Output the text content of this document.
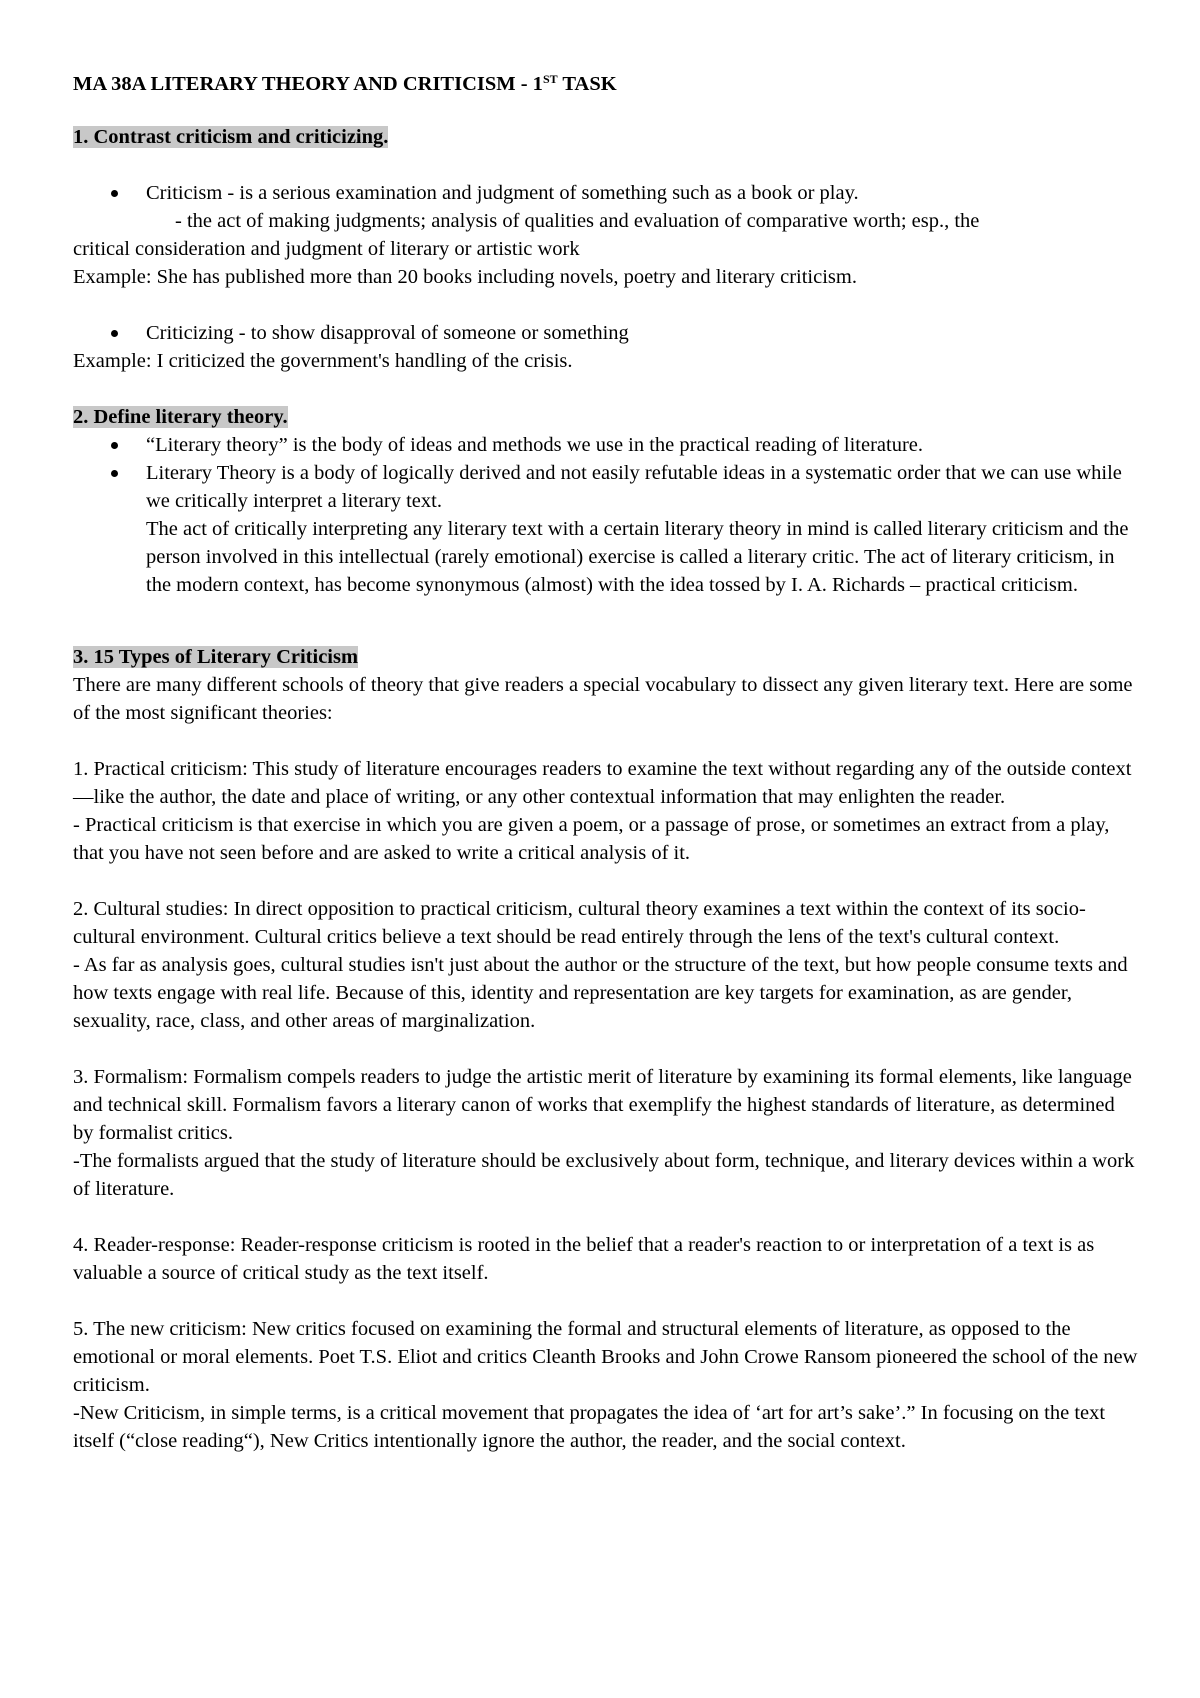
MA 38A LITERARY THEORY AND CRITICISM - 1ST TASK

1. Contrast criticism and criticizing.

Criticism - is a serious examination and judgment of something such as a book or play.

- the act of making judgments; analysis of qualities and evaluation of comparative worth; esp., the

critical consideration and judgment of literary or artistic work

Example: She has published more than 20 books including novels, poetry and literary criticism.

Criticizing - to show disapproval of someone or something

Example: I criticized the government's handling of the crisis.

2. Define literary theory.

“Literary theory” is the body of ideas and methods we use in the practical reading of literature.
Literary Theory is a body of logically derived and not easily refutable ideas in a systematic order that we can use while we critically interpret a literary text.

The act of critically interpreting any literary text with a certain literary theory in mind is called literary criticism and the person involved in this intellectual (rarely emotional) exercise is called a literary critic. The act of literary criticism, in the modern context, has become synonymous (almost) with the idea tossed by I. A. Richards – practical criticism.

3. 15 Types of Literary Criticism

There are many different schools of theory that give readers a special vocabulary to dissect any given literary text. Here are some of the most significant theories:

1. Practical criticism: This study of literature encourages readers to examine the text without regarding any of the outside context—like the author, the date and place of writing, or any other contextual information that may enlighten the reader.

- Practical criticism is that exercise in which you are given a poem, or a passage of prose, or sometimes an extract from a play, that you have not seen before and are asked to write a critical analysis of it.

2. Cultural studies: In direct opposition to practical criticism, cultural theory examines a text within the context of its socio-cultural environment. Cultural critics believe a text should be read entirely through the lens of the text's cultural context.

- As far as analysis goes, cultural studies isn't just about the author or the structure of the text, but how people consume texts and how texts engage with real life. Because of this, identity and representation are key targets for examination, as are gender, sexuality, race, class, and other areas of marginalization.

3. Formalism: Formalism compels readers to judge the artistic merit of literature by examining its formal elements, like language and technical skill. Formalism favors a literary canon of works that exemplify the highest standards of literature, as determined by formalist critics.

-The formalists argued that the study of literature should be exclusively about form, technique, and literary devices within a work of literature.

4. Reader-response: Reader-response criticism is rooted in the belief that a reader's reaction to or interpretation of a text is as valuable a source of critical study as the text itself.

5. The new criticism: New critics focused on examining the formal and structural elements of literature, as opposed to the emotional or moral elements. Poet T.S. Eliot and critics Cleanth Brooks and John Crowe Ransom pioneered the school of the new criticism.

-New Criticism, in simple terms, is a critical movement that propagates the idea of ‘art for art’s sake’.” In focusing on the text itself (“close reading“), New Critics intentionally ignore the author, the reader, and the social context.
